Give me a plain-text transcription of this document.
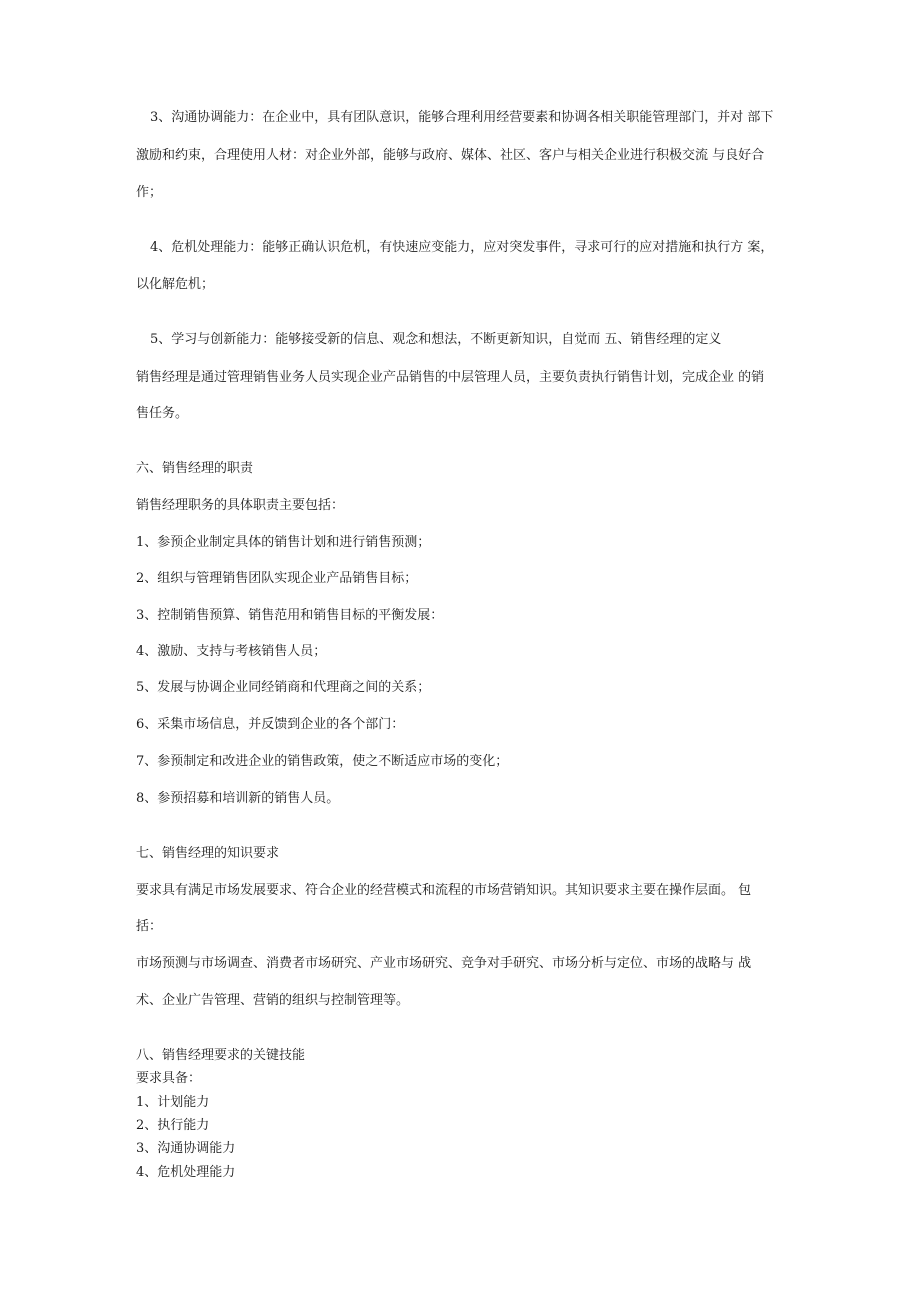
3、沟通协调能力：在企业中，具有团队意识，能够合理利用经营要素和协调各相关职能管理部门，并对 部下

激励和约束，合理使用人材：对企业外部，能够与政府、媒体、社区、客户与相关企业进行积极交流 与良好合

作；

4、危机处理能力：能够正确认识危机，有快速应变能力，应对突发事件，寻求可行的应对措施和执行方 案，

以化解危机；

5、学习与创新能力：能够接受新的信息、观念和想法，不断更新知识，自觉而 五、销售经理的定义

销售经理是通过管理销售业务人员实现企业产品销售的中层管理人员，主要负责执行销售计划，完成企业 的销

售任务。

六、销售经理的职责

销售经理职务的具体职责主要包括：

1、参预企业制定具体的销售计划和进行销售预测；

2、组织与管理销售团队实现企业产品销售目标；

3、控制销售预算、销售范用和销售目标的平衡发展：

4、激励、支持与考核销售人员；

5、发展与协调企业同经销商和代理商之间的关系；

6、采集市场信息，并反馈到企业的各个部门：

7、参预制定和改进企业的销售政策，使之不断适应市场的变化；

8、参预招募和培训新的销售人员。

七、销售经理的知识要求

要求具有满足市场发展要求、符合企业的经营模式和流程的市场营销知识。其知识要求主要在操作层面。 包

括：

市场预测与市场调查、消费者市场研究、产业市场研究、竞争对手研究、市场分析与定位、市场的战略与 战

术、企业广告管理、营销的组织与控制管理等。

八、销售经理要求的关键技能

要求具备：

1、计划能力

2、执行能力

3、沟通协调能力

4、危机处理能力
